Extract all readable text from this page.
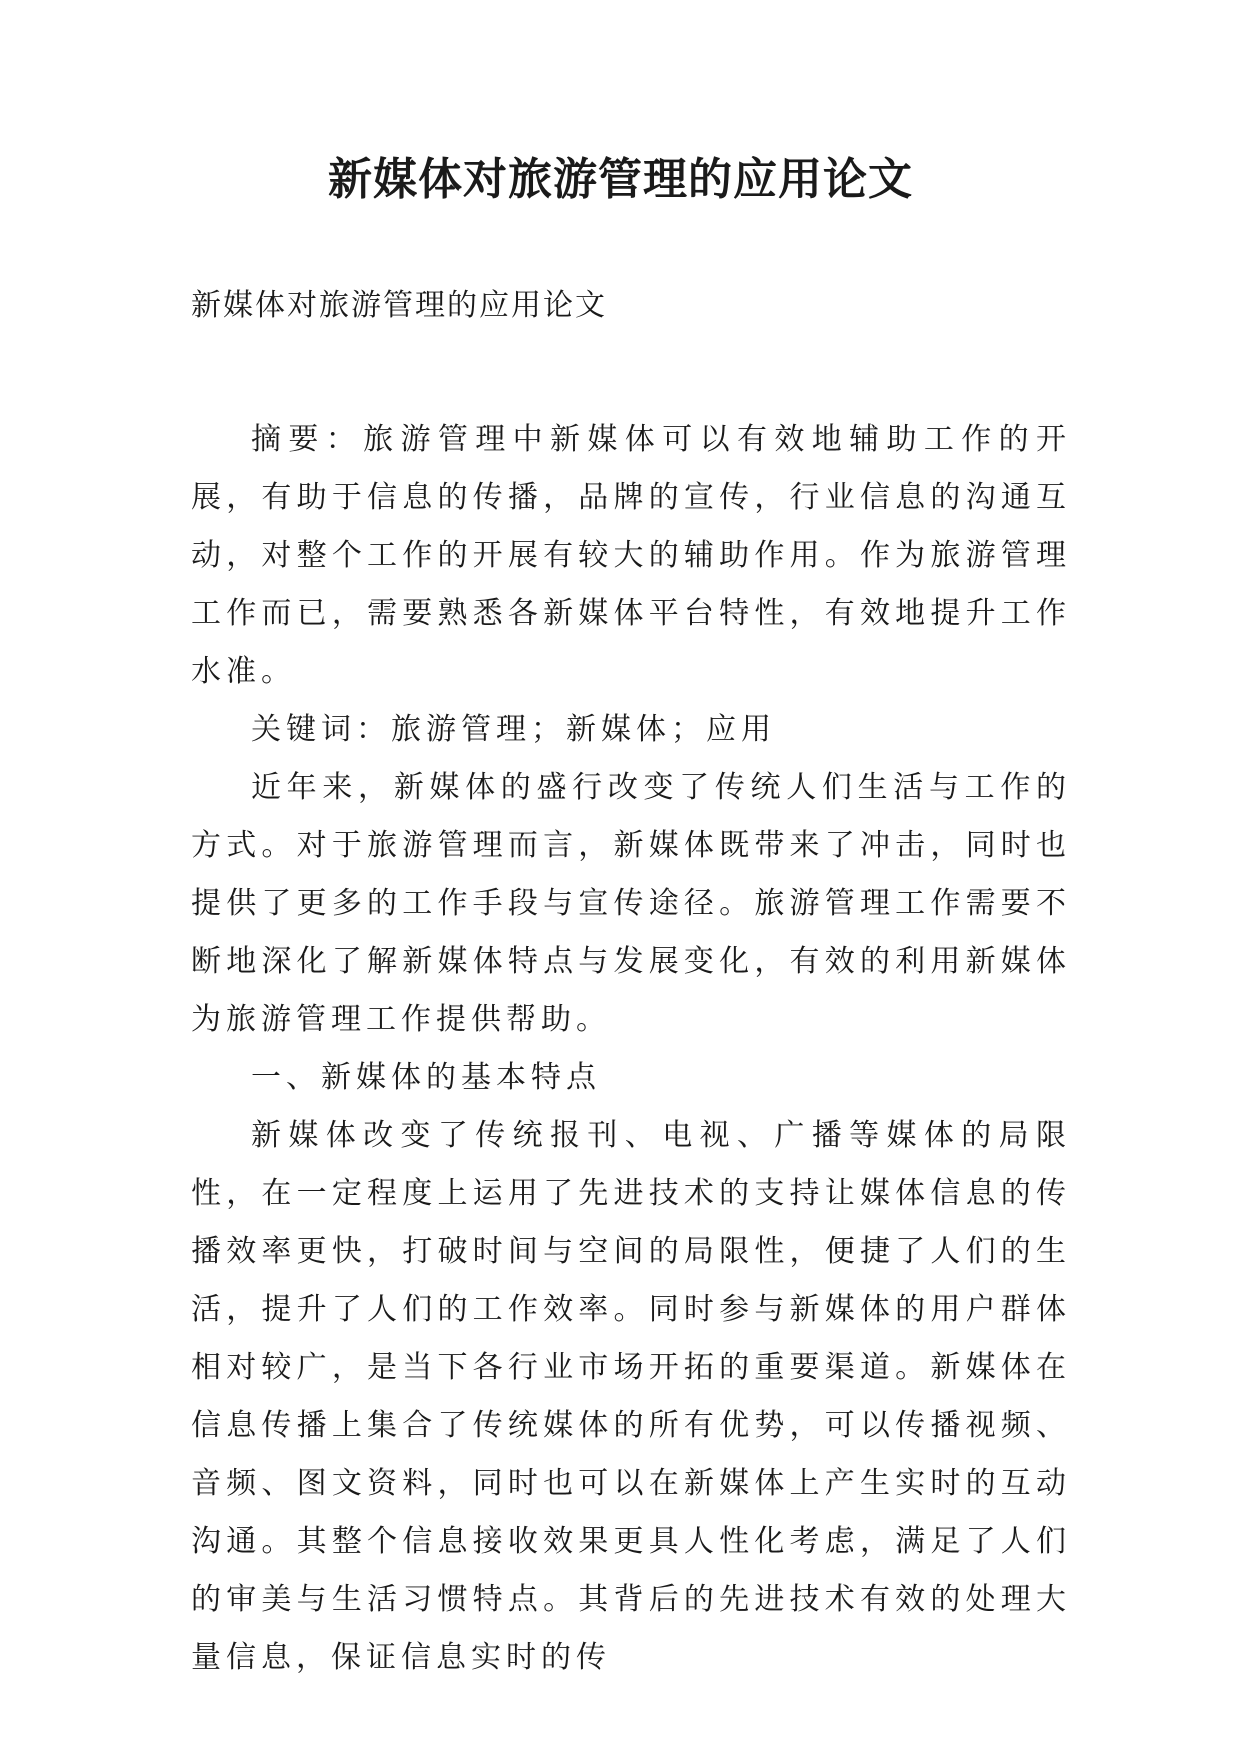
新媒体对旅游管理的应用论文

新媒体对旅游管理的应用论文

摘要：旅游管理中新媒体可以有效地辅助工作的开展，有助于信息的传播，品牌的宣传，行业信息的沟通互动，对整个工作的开展有较大的辅助作用。作为旅游管理工作而已，需要熟悉各新媒体平台特性，有效地提升工作水准。

关键词：旅游管理；新媒体；应用

近年来，新媒体的盛行改变了传统人们生活与工作的方式。对于旅游管理而言，新媒体既带来了冲击，同时也提供了更多的工作手段与宣传途径。旅游管理工作需要不断地深化了解新媒体特点与发展变化，有效的利用新媒体为旅游管理工作提供帮助。

一、新媒体的基本特点

新媒体改变了传统报刊、电视、广播等媒体的局限性，在一定程度上运用了先进技术的支持让媒体信息的传播效率更快，打破时间与空间的局限性，便捷了人们的生活，提升了人们的工作效率。同时参与新媒体的用户群体相对较广，是当下各行业市场开拓的重要渠道。新媒体在信息传播上集合了传统媒体的所有优势，可以传播视频、音频、图文资料，同时也可以在新媒体上产生实时的互动沟通。其整个信息接收效果更具人性化考虑，满足了人们的审美与生活习惯特点。其背后的先进技术有效的处理大量信息，保证信息实时的传
